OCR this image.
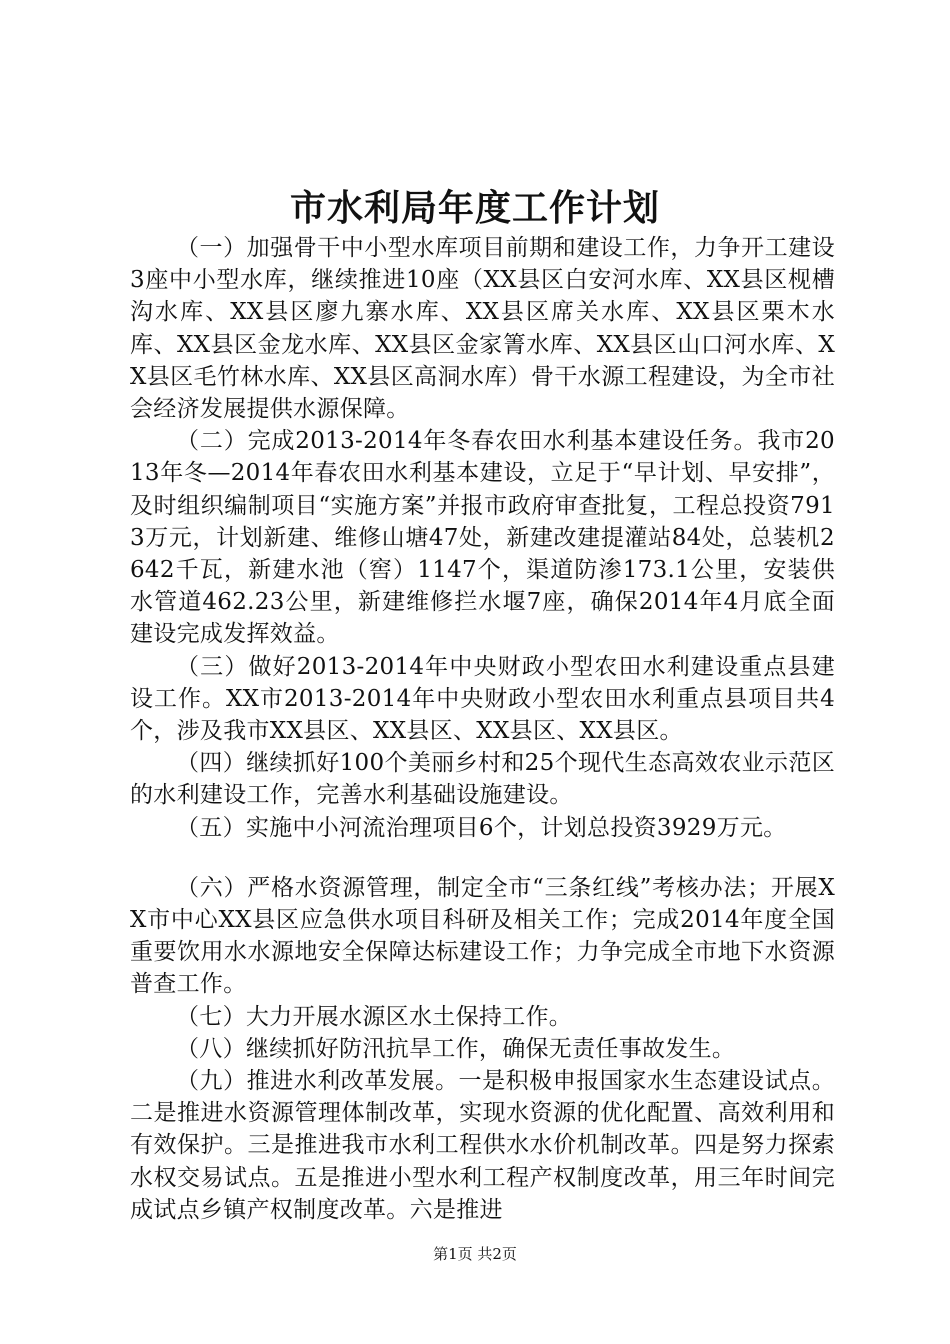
市水利局年度工作计划

（一）加强骨干中小型水库项目前期和建设工作，力争开工建设3座中小型水库，继续推进10座（XX县区白安河水库、XX县区枧槽沟水库、XX县区廖九寨水库、XX县区席关水库、XX县区栗木水库、XX县区金龙水库、XX县区金家箐水库、XX县区山口河水库、XX县区毛竹林水库、XX县区高洞水库）骨干水源工程建设，为全市社会经济发展提供水源保障。

（二）完成2013-2014年冬春农田水利基本建设任务。我市2013年冬—2014年春农田水利基本建设，立足于“早计划、早安排”，及时组织编制项目“实施方案”并报市政府审查批复，工程总投资7913万元，计划新建、维修山塘47处，新建改建提灌站84处，总装机2642千瓦，新建水池（窖）1147个，渠道防渗173.1公里，安装供水管道462.23公里，新建维修拦水堰7座，确保2014年4月底全面建设完成发挥效益。

（三）做好2013-2014年中央财政小型农田水利建设重点县建设工作。XX市2013-2014年中央财政小型农田水利重点县项目共4个，涉及我市XX县区、XX县区、XX县区、XX县区。

（四）继续抓好100个美丽乡村和25个现代生态高效农业示范区的水利建设工作，完善水利基础设施建设。

（五）实施中小河流治理项目6个，计划总投资3929万元。

（六）严格水资源管理，制定全市“三条红线”考核办法；开展XX市中心XX县区应急供水项目科研及相关工作；完成2014年度全国重要饮用水水源地安全保障达标建设工作；力争完成全市地下水资源普查工作。

（七）大力开展水源区水土保持工作。

（八）继续抓好防汛抗旱工作，确保无责任事故发生。

（九）推进水利改革发展。一是积极申报国家水生态建设试点。二是推进水资源管理体制改革，实现水资源的优化配置、高效利用和有效保护。三是推进我市水利工程供水水价机制改革。四是努力探索水权交易试点。五是推进小型水利工程产权制度改革，用三年时间完成试点乡镇产权制度改革。六是推进

第1页 共2页
